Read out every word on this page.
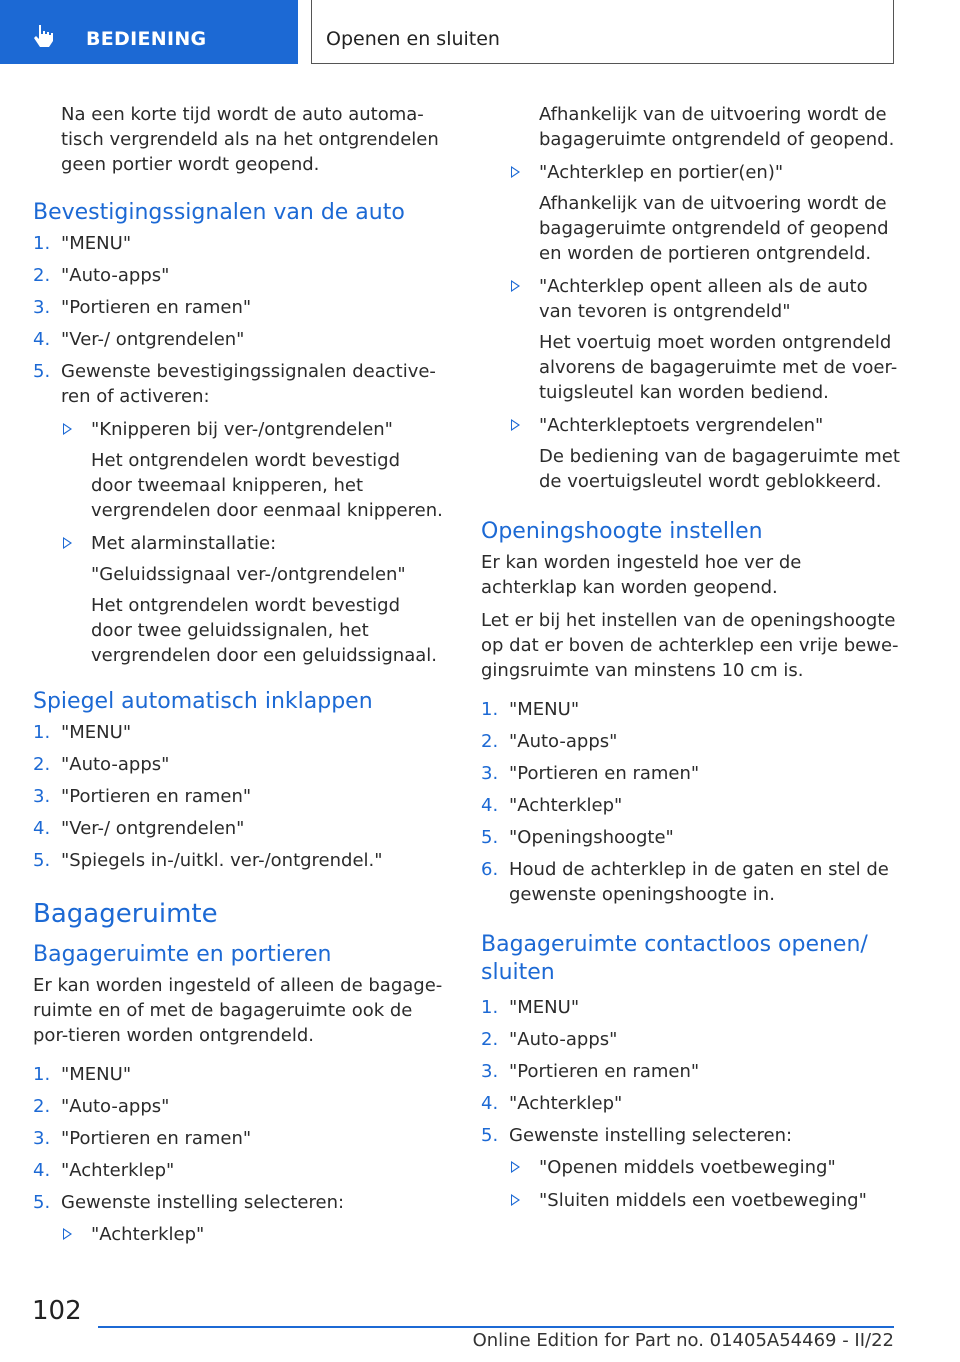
BEDIENING	Openen en sluiten

Na een korte tijd wordt de auto automa-tisch vergrendeld als na het ontgrendelen geen portier wordt geopend.

Bevestigingssignalen van de auto
1. "MENU"
2. "Auto-apps"
3. "Portieren en ramen"
4. "Ver-/ ontgrendelen"
5. Gewenste bevestigingssignalen deactive-ren of activeren:
"Knipperen bij ver-/ontgrendelen"
Het ontgrendelen wordt bevestigd door tweemaal knipperen, het vergrendelen door eenmaal knipperen.
Met alarminstallatie:
"Geluidssignaal ver-/ontgrendelen"
Het ontgrendelen wordt bevestigd door twee geluidssignalen, het vergrendelen door een geluidssignaal.
Spiegel automatisch inklappen
1. "MENU"
2. "Auto-apps"
3. "Portieren en ramen"
4. "Ver-/ ontgrendelen"
5. "Spiegels in-/uitkl. ver-/ontgrendel."
Bagageruimte
Bagageruimte en portieren

Er kan worden ingesteld of alleen de bagage-ruimte en of met de bagageruimte ook de por-tieren worden ontgrendeld.

1. "MENU"
2. "Auto-apps"
3. "Portieren en ramen"
4. "Achterklep"
5. Gewenste instelling selecteren:
"Achterklep"

Afhankelijk van de uitvoering wordt de bagageruimte ontgrendeld of geopend.

"Achterklep en portier(en)"
Afhankelijk van de uitvoering wordt de bagageruimte ontgrendeld of geopend en worden de portieren ontgrendeld.
"Achterklep opent alleen als de auto van tevoren is ontgrendeld"
Het voertuig moet worden ontgrendeld alvorens de bagageruimte met de voer-tuigsleutel kan worden bediend.
"Achterkleptoets vergrendelen"
De bediening van de bagageruimte met de voertuigsleutel wordt geblokkeerd.
Openingshoogte instellen

Er kan worden ingesteld hoe ver de achterklap kan worden geopend.

Let er bij het instellen van de openingshoogte op dat er boven de achterklep een vrije bewe-gingsruimte van minstens 10 cm is.

1. "MENU"
2. "Auto-apps"
3. "Portieren en ramen"
4. "Achterklep"
5. "Openingshoogte"
6. Houd de achterklep in de gaten en stel de gewenste openingshoogte in.
Bagageruimte contactloos openen/ sluiten
1. "MENU"
2. "Auto-apps"
3. "Portieren en ramen"
4. "Achterklep"
5. Gewenste instelling selecteren:
"Openen middels voetbeweging"
"Sluiten middels een voetbeweging"
102
Online Edition for Part no. 01405A54469 - II/22
